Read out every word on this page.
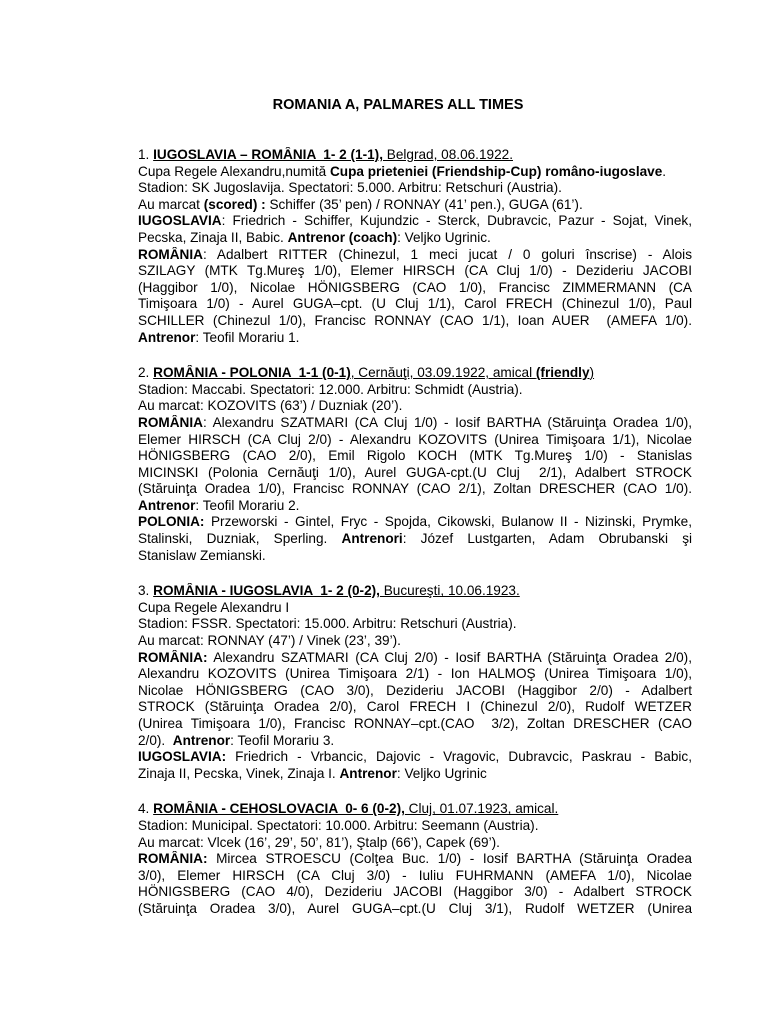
ROMANIA A, PALMARES ALL TIMES
1. IUGOSLAVIA – ROMÂNIA  1- 2 (1-1), Belgrad, 08.06.1922.
Cupa Regele Alexandru,numită Cupa prieteniei (Friendship-Cup) româno-iugoslave.
Stadion: SK Jugoslavija. Spectatori: 5.000. Arbitru: Retschuri (Austria).
Au marcat (scored) : Schiffer (35’ pen) / RONNAY (41’ pen.), GUGA (61’).
IUGOSLAVIA: Friedrich - Schiffer, Kujundzic - Sterck, Dubravcic, Pazur - Sojat, Vinek,
Pecska, Zinaja II, Babic. Antrenor (coach): Veljko Ugrinic.
ROMÂNIA: Adalbert RITTER (Chinezul, 1 meci jucat / 0 goluri înscrise) - Alois
SZILAGY (MTK Tg.Mureş 1/0), Elemer HIRSCH (CA Cluj 1/0) - Dezideriu JACOBI
(Haggibor 1/0), Nicolae HÖNIGSBERG (CAO 1/0), Francisc ZIMMERMANN (CA
Timişoara 1/0) - Aurel GUGA–cpt. (U Cluj 1/1), Carol FRECH (Chinezul 1/0), Paul
SCHILLER (Chinezul 1/0), Francisc RONNAY (CAO 1/1), Ioan AUER  (AMEFA 1/0).
Antrenor: Teofil Morariu 1.
2. ROMÂNIA - POLONIA  1-1 (0-1), Cernăuţi, 03.09.1922, amical (friendly)
Stadion: Maccabi. Spectatori: 12.000. Arbitru: Schmidt (Austria).
Au marcat: KOZOVITS (63’) / Duzniak (20’).
ROMÂNIA: Alexandru SZATMARI (CA Cluj 1/0) - Iosif BARTHA (Stăruinţa Oradea 1/0),
Elemer HIRSCH (CA Cluj 2/0) - Alexandru KOZOVITS (Unirea Timişoara 1/1), Nicolae
HÖNIGSBERG (CAO 2/0), Emil Rigolo KOCH (MTK Tg.Mureş 1/0) - Stanislas
MICINSKI (Polonia Cernăuţi 1/0), Aurel GUGA-cpt.(U Cluj  2/1), Adalbert STROCK
(Stăruinţa Oradea 1/0), Francisc RONNAY (CAO 2/1), Zoltan DRESCHER (CAO 1/0).
Antrenor: Teofil Morariu 2.
POLONIA: Przeworski - Gintel, Fryc - Spojda, Cikowski, Bulanow II - Nizinski, Prymke,
Stalinski, Duzniak, Sperling. Antrenori: Józef Lustgarten, Adam Obrubanski şi
Stanislaw Zemianski.
3. ROMÂNIA - IUGOSLAVIA  1- 2 (0-2), Bucureşti, 10.06.1923.
Cupa Regele Alexandru I
Stadion: FSSR. Spectatori: 15.000. Arbitru: Retschuri (Austria).
Au marcat: RONNAY (47’) / Vinek (23’, 39’).
ROMÂNIA: Alexandru SZATMARI (CA Cluj 2/0) - Iosif BARTHA (Stăruinţa Oradea 2/0),
Alexandru KOZOVITS (Unirea Timişoara 2/1) - Ion HALMOŞ (Unirea Timişoara 1/0),
Nicolae HÖNIGSBERG (CAO 3/0), Dezideriu JACOBI (Haggibor 2/0) - Adalbert
STROCK (Stăruinţa Oradea 2/0), Carol FRECH I (Chinezul 2/0), Rudolf WETZER
(Unirea Timişoara 1/0), Francisc RONNAY–cpt.(CAO  3/2), Zoltan DRESCHER (CAO
2/0).  Antrenor: Teofil Morariu 3.
IUGOSLAVIA: Friedrich - Vrbancic, Dajovic - Vragovic, Dubravcic, Paskrau - Babic,
Zinaja II, Pecska, Vinek, Zinaja I. Antrenor: Veljko Ugrinic
4. ROMÂNIA - CEHOSLOVACIA  0- 6 (0-2), Cluj, 01.07.1923, amical.
Stadion: Municipal. Spectatori: 10.000. Arbitru: Seemann (Austria).
Au marcat: Vlcek (16’, 29’, 50’, 81’), Ştalp (66’), Capek (69’).
ROMÂNIA: Mircea STROESCU (Colţea Buc. 1/0) - Iosif BARTHA (Stăruinţa Oradea
3/0), Elemer HIRSCH (CA Cluj 3/0) - Iuliu FUHRMANN (AMEFA 1/0), Nicolae
HÖNIGSBERG (CAO 4/0), Dezideriu JACOBI (Haggibor 3/0) - Adalbert STROCK
(Stăruinţa Oradea 3/0), Aurel GUGA–cpt.(U Cluj 3/1), Rudolf WETZER (Unirea
